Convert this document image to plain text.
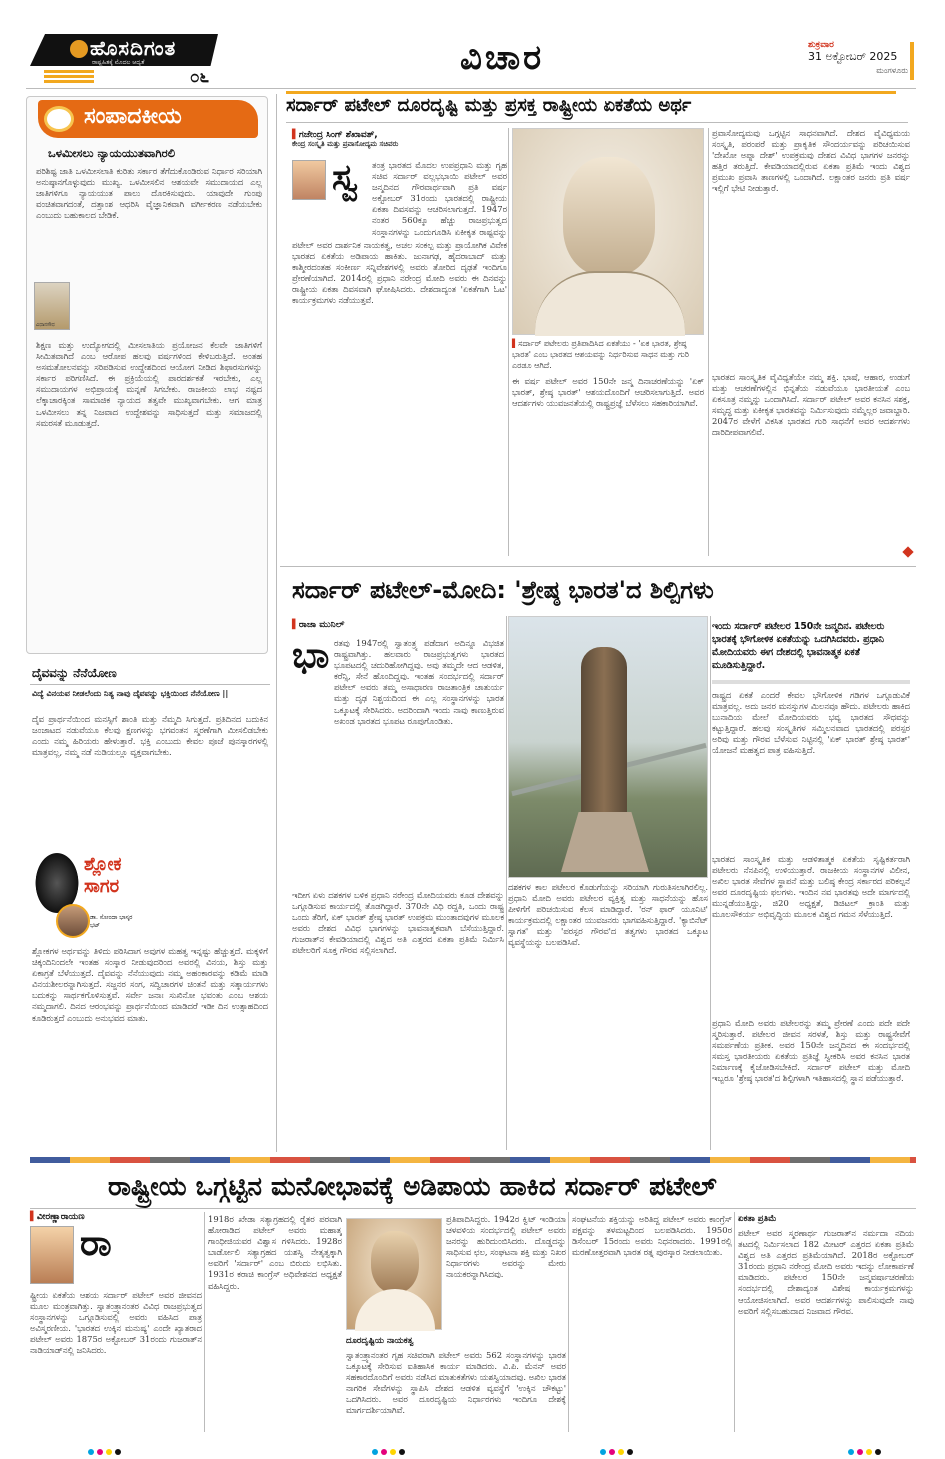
ಹೊಸದಿಗಂತ
ರಾಷ್ಟ್ರಹಿತಕ್ಕೆ ಮೊದಲ ಆದ್ಯತೆ
೦೬	ವಿಚಾರ	ಶುಕ್ರವಾರ
31 ಅಕ್ಟೋಬರ್ 2025
ಮಂಗಳೂರು
ಸಂಪಾದಕೀಯ
ಒಳಮೀಸಲು ನ್ಯಾಯಯುತವಾಗಿರಲಿ
ಪರಿಶಿಷ್ಟ ಜಾತಿ ಒಳಮೀಸಲಾತಿ ಕುರಿತು ಸರ್ಕಾರ ತೆಗೆದುಕೊಂಡಿರುವ ನಿರ್ಧಾರ ಸರಿಯಾಗಿ ಅನುಷ್ಠಾನಗೊಳ್ಳುವುದು ಮುಖ್ಯ. ಒಳಮೀಸಲಿನ ಆಶಯವೇ ಸಮುದಾಯದ ಎಲ್ಲ ಜಾತಿಗಳಿಗೂ ನ್ಯಾಯಯುತ ಪಾಲು ದೊರಕಿಸುವುದು. ಯಾವುದೇ ಗುಂಪು ವಂಚಿತವಾಗದಂತೆ, ದತ್ತಾಂಶ ಆಧರಿಸಿ ವೈಜ್ಞಾನಿಕವಾಗಿ ವರ್ಗೀಕರಣ ನಡೆಯಬೇಕು ಎಂಬುದು ಬಹುಕಾಲದ ಬೇಡಿಕೆ.
ವಿಧಾನಸೌಧ
ಶಿಕ್ಷಣ ಮತ್ತು ಉದ್ಯೋಗದಲ್ಲಿ ಮೀಸಲಾತಿಯ ಪ್ರಯೋಜನ ಕೆಲವೇ ಜಾತಿಗಳಿಗೆ ಸೀಮಿತವಾಗಿದೆ ಎಂಬ ಆರೋಪ ಹಲವು ವರ್ಷಗಳಿಂದ ಕೇಳಿಬರುತ್ತಿದೆ. ಅಂತಹ ಅಸಮತೋಲನವನ್ನು ಸರಿಪಡಿಸುವ ಉದ್ದೇಶದಿಂದ ಆಯೋಗ ನೀಡಿದ ಶಿಫಾರಸುಗಳನ್ನು ಸರ್ಕಾರ ಪರಿಗಣಿಸಿದೆ. ಈ ಪ್ರಕ್ರಿಯೆಯಲ್ಲಿ ಪಾರದರ್ಶಕತೆ ಇರಬೇಕು, ಎಲ್ಲ ಸಮುದಾಯಗಳ ಅಭಿಪ್ರಾಯಕ್ಕೆ ಮನ್ನಣೆ ಸಿಗಬೇಕು. ರಾಜಕೀಯ ಲಾಭ ನಷ್ಟದ ಲೆಕ್ಕಾಚಾರಕ್ಕಿಂತ ಸಾಮಾಜಿಕ ನ್ಯಾಯದ ತತ್ವವೇ ಮುಖ್ಯವಾಗಬೇಕು. ಆಗ ಮಾತ್ರ ಒಳಮೀಸಲು ತನ್ನ ನಿಜವಾದ ಉದ್ದೇಶವನ್ನು ಸಾಧಿಸುತ್ತದೆ ಮತ್ತು ಸಮಾಜದಲ್ಲಿ ಸಮರಸತೆ ಮೂಡುತ್ತದೆ.
ಸರ್ದಾರ್ ಪಟೇಲ್ ದೂರದೃಷ್ಟಿ ಮತ್ತು ಪ್ರಸಕ್ತ ರಾಷ್ಟ್ರೀಯ ಏಕತೆಯ ಅರ್ಥ
▌ಗಜೇಂದ್ರ ಸಿಂಗ್ ಶೆಖಾವತ್,
ಕೇಂದ್ರ ಸಂಸ್ಕೃತಿ ಮತ್ತು ಪ್ರವಾಸೋದ್ಯಮ ಸಚಿವರು
ಸ್ವ ತಂತ್ರ ಭಾರತದ ಮೊದಲ ಉಪಪ್ರಧಾನಿ ಮತ್ತು ಗೃಹ ಸಚಿವ ಸರ್ದಾರ್ ವಲ್ಲಭಭಾಯಿ ಪಟೇಲ್ ಅವರ ಜನ್ಮದಿನದ ಗೌರವಾರ್ಥವಾಗಿ ಪ್ರತಿ ವರ್ಷ ಅಕ್ಟೋಬರ್ 31ರಂದು ಭಾರತದಲ್ಲಿ ರಾಷ್ಟ್ರೀಯ ಏಕತಾ ದಿವಸವನ್ನು ಆಚರಿಸಲಾಗುತ್ತದೆ. 1947ರ ನಂತರ 560ಕ್ಕೂ ಹೆಚ್ಚು ರಾಜಪ್ರಭುತ್ವದ ಸಂಸ್ಥಾನಗಳನ್ನು ಒಂದುಗೂಡಿಸಿ ಏಕೀಕೃತ ರಾಷ್ಟ್ರವನ್ನು
ಪಟೇಲ್ ಅವರ ದಾರ್ಶನಿಕ ನಾಯಕತ್ವ, ಅಚಲ ಸಂಕಲ್ಪ ಮತ್ತು ಪ್ರಾಯೋಗಿಕ ವಿವೇಕ ಭಾರತದ ಏಕತೆಯ ಅಡಿಪಾಯ ಹಾಕಿತು. ಜುನಾಗಢ, ಹೈದರಾಬಾದ್ ಮತ್ತು ಕಾಶ್ಮೀರದಂತಹ ಸಂಕೀರ್ಣ ಸನ್ನಿವೇಶಗಳಲ್ಲಿ ಅವರು ತೋರಿದ ದೃಢತೆ ಇಂದಿಗೂ ಪ್ರೇರಣೆಯಾಗಿದೆ. 2014ರಲ್ಲಿ ಪ್ರಧಾನಿ ನರೇಂದ್ರ ಮೋದಿ ಅವರು ಈ ದಿನವನ್ನು ರಾಷ್ಟ್ರೀಯ ಏಕತಾ ದಿವಸವಾಗಿ ಘೋಷಿಸಿದರು. ದೇಶದಾದ್ಯಂತ 'ಏಕತೆಗಾಗಿ ಓಟ' ಕಾರ್ಯಕ್ರಮಗಳು ನಡೆಯುತ್ತವೆ.
▌ಸರ್ದಾರ್ ಪಟೇಲರು ಪ್ರತಿಪಾದಿಸಿದ ಏಕತೆಯು - 'ಏಕ ಭಾರತ, ಶ್ರೇಷ್ಠ ಭಾರತ' ಎಂಬ ಭಾರತದ ಆಶಯವನ್ನು ನಿರ್ಧರಿಸುವ ಸಾಧನ ಮತ್ತು ಗುರಿ ಎರಡೂ ಆಗಿದೆ.
ಈ ವರ್ಷ ಪಟೇಲ್ ಅವರ 150ನೇ ಜನ್ಮ ದಿನಾಚರಣೆಯನ್ನು 'ಏಕ್ ಭಾರತ್, ಶ್ರೇಷ್ಠ ಭಾರತ್' ಆಶಯದೊಂದಿಗೆ ಆಚರಿಸಲಾಗುತ್ತಿದೆ. ಅವರ ಆದರ್ಶಗಳು ಯುವಜನತೆಯಲ್ಲಿ ರಾಷ್ಟ್ರಪ್ರಜ್ಞೆ ಬೆಳೆಸಲು ಸಹಕಾರಿಯಾಗಿವೆ.
ಪ್ರವಾಸೋದ್ಯಮವು ಒಗ್ಗಟ್ಟಿನ ಸಾಧನವಾಗಿದೆ. ದೇಶದ ವೈವಿಧ್ಯಮಯ ಸಂಸ್ಕೃತಿ, ಪರಂಪರೆ ಮತ್ತು ಪ್ರಾಕೃತಿಕ ಸೌಂದರ್ಯವನ್ನು ಪರಿಚಯಿಸುವ 'ದೇಖೋ ಅಪ್ನಾ ದೇಶ್' ಉಪಕ್ರಮವು ದೇಶದ ವಿವಿಧ ಭಾಗಗಳ ಜನರನ್ನು ಹತ್ತಿರ ತರುತ್ತಿದೆ. ಕೇವಡಿಯಾದಲ್ಲಿರುವ ಏಕತಾ ಪ್ರತಿಮೆ ಇಂದು ವಿಶ್ವದ ಪ್ರಮುಖ ಪ್ರವಾಸಿ ತಾಣಗಳಲ್ಲಿ ಒಂದಾಗಿದೆ. ಲಕ್ಷಾಂತರ ಜನರು ಪ್ರತಿ ವರ್ಷ ಇಲ್ಲಿಗೆ ಭೇಟಿ ನೀಡುತ್ತಾರೆ.
ಭಾರತದ ಸಾಂಸ್ಕೃತಿಕ ವೈವಿಧ್ಯತೆಯೇ ನಮ್ಮ ಶಕ್ತಿ. ಭಾಷೆ, ಆಹಾರ, ಉಡುಗೆ ಮತ್ತು ಆಚರಣೆಗಳಲ್ಲಿನ ಭಿನ್ನತೆಯ ನಡುವೆಯೂ ಭಾರತೀಯತೆ ಎಂಬ ಏಕಸೂತ್ರ ನಮ್ಮನ್ನು ಒಂದಾಗಿಸಿದೆ. ಸರ್ದಾರ್ ಪಟೇಲ್ ಅವರ ಕನಸಿನ ಸಶಕ್ತ, ಸಮೃದ್ಧ ಮತ್ತು ಏಕೀಕೃತ ಭಾರತವನ್ನು ನಿರ್ಮಿಸುವುದು ನಮ್ಮೆಲ್ಲರ ಜವಾಬ್ದಾರಿ. 2047ರ ವೇಳೆಗೆ ವಿಕಸಿತ ಭಾರತದ ಗುರಿ ಸಾಧನೆಗೆ ಅವರ ಆದರ್ಶಗಳು ದಾರಿದೀಪವಾಗಲಿವೆ.
ಸರ್ದಾರ್ ಪಟೇಲ್-ಮೋದಿ: 'ಶ್ರೇಷ್ಠ ಭಾರತ'ದ ಶಿಲ್ಪಿಗಳು
▌ರಾಜಾ ಮುನಿಲ್
ಭಾ ರತವು 1947ರಲ್ಲಿ ಸ್ವಾತಂತ್ರ್ಯ ಪಡೆದಾಗ ಅದಿನ್ನೂ ವಿಭಜಿತ ರಾಷ್ಟ್ರವಾಗಿತ್ತು. ಹಲವಾರು ರಾಜಪ್ರಭುತ್ವಗಳು ಭಾರತದ ಭೂಪಟದಲ್ಲಿ ಚದುರಿಹೋಗಿದ್ದವು. ಅವು ತಮ್ಮದೇ ಆದ ಆಡಳಿತ, ಕರೆನ್ಸಿ, ಸೇನೆ ಹೊಂದಿದ್ದವು. ಇಂತಹ ಸಂದರ್ಭದಲ್ಲಿ ಸರ್ದಾರ್ ಪಟೇಲ್ ಅವರು ತಮ್ಮ ಅಸಾಧಾರಣ ರಾಜತಾಂತ್ರಿಕ ಚಾತುರ್ಯ ಮತ್ತು ದೃಢ ನಿಶ್ಚಯದಿಂದ ಈ ಎಲ್ಲ ಸಂಸ್ಥಾನಗಳನ್ನು ಭಾರತ ಒಕ್ಕೂಟಕ್ಕೆ ಸೇರಿಸಿದರು. ಅದರಿಂದಾಗಿ ಇಂದು ನಾವು ಕಾಣುತ್ತಿರುವ ಅಖಂಡ ಭಾರತದ ಭೂಪಟ ರೂಪುಗೊಂಡಿತು.
ಇದೀಗ ಏಳು ದಶಕಗಳ ಬಳಿಕ ಪ್ರಧಾನಿ ನರೇಂದ್ರ ಮೋದಿಯವರು ಕೂಡ ದೇಶವನ್ನು ಒಗ್ಗೂಡಿಸುವ ಕಾರ್ಯದಲ್ಲಿ ತೊಡಗಿದ್ದಾರೆ. 370ನೇ ವಿಧಿ ರದ್ದತಿ, ಒಂದು ರಾಷ್ಟ್ರ ಒಂದು ತೆರಿಗೆ, ಏಕ್ ಭಾರತ್ ಶ್ರೇಷ್ಠ ಭಾರತ್ ಉಪಕ್ರಮ ಮುಂತಾದವುಗಳ ಮೂಲಕ ಅವರು ದೇಶದ ವಿವಿಧ ಭಾಗಗಳನ್ನು ಭಾವನಾತ್ಮಕವಾಗಿ ಬೆಸೆಯುತ್ತಿದ್ದಾರೆ. ಗುಜರಾತ್‌ನ ಕೇವಡಿಯಾದಲ್ಲಿ ವಿಶ್ವದ ಅತಿ ಎತ್ತರದ ಏಕತಾ ಪ್ರತಿಮೆ ನಿರ್ಮಿಸಿ ಪಟೇಲರಿಗೆ ಸೂಕ್ತ ಗೌರವ ಸಲ್ಲಿಸಲಾಗಿದೆ.
ದಶಕಗಳ ಕಾಲ ಪಟೇಲರ ಕೊಡುಗೆಯನ್ನು ಸರಿಯಾಗಿ ಗುರುತಿಸಲಾಗಿರಲಿಲ್ಲ. ಪ್ರಧಾನಿ ಮೋದಿ ಅವರು ಪಟೇಲರ ವ್ಯಕ್ತಿತ್ವ ಮತ್ತು ಸಾಧನೆಯನ್ನು ಹೊಸ ಪೀಳಿಗೆಗೆ ಪರಿಚಯಿಸುವ ಕೆಲಸ ಮಾಡಿದ್ದಾರೆ. 'ರನ್ ಫಾರ್ ಯೂನಿಟಿ' ಕಾರ್ಯಕ್ರಮದಲ್ಲಿ ಲಕ್ಷಾಂತರ ಯುವಜನರು ಭಾಗವಹಿಸುತ್ತಿದ್ದಾರೆ. 'ಕ್ಯಾಬಿನೆಟ್ ಸ್ವಾಗತ' ಮತ್ತು 'ಪರಸ್ಪರ ಗೌರವ'ದ ತತ್ವಗಳು ಭಾರತದ ಒಕ್ಕೂಟ ವ್ಯವಸ್ಥೆಯನ್ನು ಬಲಪಡಿಸಿವೆ.
ಇಂದು ಸರ್ದಾರ್ ಪಟೇಲರ 150ನೇ ಜನ್ಮದಿನ. ಪಟೇಲರು ಭಾರತಕ್ಕೆ ಭೌಗೋಳಿಕ ಏಕತೆಯನ್ನು ಒದಗಿಸಿದವರು. ಪ್ರಧಾನಿ ಮೋದಿಯವರು ಈಗ ದೇಶದಲ್ಲಿ ಭಾವನಾತ್ಮಕ ಏಕತೆ ಮೂಡಿಸುತ್ತಿದ್ದಾರೆ.
ರಾಷ್ಟ್ರದ ಏಕತೆ ಎಂದರೆ ಕೇವಲ ಭೌಗೋಳಿಕ ಗಡಿಗಳ ಒಗ್ಗೂಡುವಿಕೆ ಮಾತ್ರವಲ್ಲ. ಅದು ಜನರ ಮನಸ್ಸುಗಳ ಮಿಲನವೂ ಹೌದು. ಪಟೇಲರು ಹಾಕಿದ ಬುನಾದಿಯ ಮೇಲೆ ಮೋದಿಯವರು ಭವ್ಯ ಭಾರತದ ಸೌಧವನ್ನು ಕಟ್ಟುತ್ತಿದ್ದಾರೆ. ಹಲವು ಸಂಸ್ಕೃತಿಗಳ ಸಮ್ಮಿಲನವಾದ ಭಾರತದಲ್ಲಿ ಪರಸ್ಪರ ಅರಿವು ಮತ್ತು ಗೌರವ ಬೆಳೆಸುವ ನಿಟ್ಟಿನಲ್ಲಿ 'ಏಕ್ ಭಾರತ್ ಶ್ರೇಷ್ಠ ಭಾರತ್' ಯೋಜನೆ ಮಹತ್ವದ ಪಾತ್ರ ವಹಿಸುತ್ತಿದೆ.
ಭಾರತದ ಸಾಂಸ್ಕೃತಿಕ ಮತ್ತು ಆಡಳಿತಾತ್ಮಕ ಏಕತೆಯ ಸೃಷ್ಟಿಕರ್ತರಾಗಿ ಪಟೇಲರು ನೆನಪಿನಲ್ಲಿ ಉಳಿಯುತ್ತಾರೆ. ರಾಜಕೀಯ ಸಂಸ್ಥಾನಗಳ ವಿಲೀನ, ಅಖಿಲ ಭಾರತ ಸೇವೆಗಳ ಸ್ಥಾಪನೆ ಮತ್ತು ಬಲಿಷ್ಠ ಕೇಂದ್ರ ಸರ್ಕಾರದ ಪರಿಕಲ್ಪನೆ ಅವರ ದೂರದೃಷ್ಟಿಯ ಫಲಗಳು. ಇಂದಿನ ನವ ಭಾರತವು ಅದೇ ಮಾರ್ಗದಲ್ಲಿ ಮುನ್ನಡೆಯುತ್ತಿದ್ದು, ಜಿ20 ಅಧ್ಯಕ್ಷತೆ, ಡಿಜಿಟಲ್ ಕ್ರಾಂತಿ ಮತ್ತು ಮೂಲಸೌಕರ್ಯ ಅಭಿವೃದ್ಧಿಯ ಮೂಲಕ ವಿಶ್ವದ ಗಮನ ಸೆಳೆಯುತ್ತಿದೆ.
ಪ್ರಧಾನಿ ಮೋದಿ ಅವರು ಪಟೇಲರನ್ನು ತಮ್ಮ ಪ್ರೇರಣೆ ಎಂದು ಪದೇ ಪದೇ ಸ್ಮರಿಸುತ್ತಾರೆ. ಪಟೇಲರ ಜೀವನ ಸರಳತೆ, ಶಿಸ್ತು ಮತ್ತು ರಾಷ್ಟ್ರಸೇವೆಗೆ ಸಮರ್ಪಣೆಯ ಪ್ರತೀಕ. ಅವರ 150ನೇ ಜನ್ಮದಿನದ ಈ ಸಂದರ್ಭದಲ್ಲಿ ಸಮಸ್ತ ಭಾರತೀಯರು ಏಕತೆಯ ಪ್ರತಿಜ್ಞೆ ಸ್ವೀಕರಿಸಿ ಅವರ ಕನಸಿನ ಭಾರತ ನಿರ್ಮಾಣಕ್ಕೆ ಕೈಜೋಡಿಸಬೇಕಿದೆ. ಸರ್ದಾರ್ ಪಟೇಲ್ ಮತ್ತು ಮೋದಿ ಇಬ್ಬರೂ 'ಶ್ರೇಷ್ಠ ಭಾರತ'ದ ಶಿಲ್ಪಿಗಳಾಗಿ ಇತಿಹಾಸದಲ್ಲಿ ಸ್ಥಾನ ಪಡೆಯುತ್ತಾರೆ.
ದೈವವನ್ನು ನೆನೆಯೋಣ
ವಿದ್ಯೆ ವಿನಯವ ನೀಡಲೆಂದು ನಿತ್ಯ ನಾವು ದೈವವನ್ನು ಭಕ್ತಿಯಿಂದ ನೆನೆಯೋಣ ||
ದೈವ ಪ್ರಾರ್ಥನೆಯಿಂದ ಮನಸ್ಸಿಗೆ ಶಾಂತಿ ಮತ್ತು ನೆಮ್ಮದಿ ಸಿಗುತ್ತದೆ. ಪ್ರತಿದಿನದ ಬದುಕಿನ ಜಂಜಾಟದ ನಡುವೆಯೂ ಕೆಲವು ಕ್ಷಣಗಳನ್ನು ಭಗವಂತನ ಸ್ಮರಣೆಗಾಗಿ ಮೀಸಲಿಡಬೇಕು ಎಂದು ನಮ್ಮ ಹಿರಿಯರು ಹೇಳುತ್ತಾರೆ. ಭಕ್ತಿ ಎಂಬುದು ಕೇವಲ ಪೂಜೆ ಪುನಸ್ಕಾರಗಳಲ್ಲಿ ಮಾತ್ರವಲ್ಲ, ನಮ್ಮ ನಡೆ ನುಡಿಯಲ್ಲೂ ವ್ಯಕ್ತವಾಗಬೇಕು.
ಶ್ಲೋಕ ಸಾಗರ
ಡಾ. ಸೋಂದಾ ಭಾಸ್ಕರ ಭಟ್
ಶ್ಲೋಕಗಳ ಅರ್ಥವನ್ನು ತಿಳಿದು ಪಠಿಸಿದಾಗ ಅವುಗಳ ಮಹತ್ವ ಇನ್ನಷ್ಟು ಹೆಚ್ಚುತ್ತದೆ. ಮಕ್ಕಳಿಗೆ ಚಿಕ್ಕಂದಿನಿಂದಲೇ ಇಂತಹ ಸಂಸ್ಕಾರ ನೀಡುವುದರಿಂದ ಅವರಲ್ಲಿ ವಿನಯ, ಶಿಸ್ತು ಮತ್ತು ಏಕಾಗ್ರತೆ ಬೆಳೆಯುತ್ತದೆ. ದೈವವನ್ನು ನೆನೆಯುವುದು ನಮ್ಮ ಅಹಂಕಾರವನ್ನು ಕಡಿಮೆ ಮಾಡಿ ವಿನಯಶೀಲರನ್ನಾಗಿಸುತ್ತದೆ. ಸಜ್ಜನರ ಸಂಗ, ಸದ್ವಿಚಾರಗಳ ಚಿಂತನೆ ಮತ್ತು ಸತ್ಕಾರ್ಯಗಳು ಬದುಕನ್ನು ಸಾರ್ಥಕಗೊಳಿಸುತ್ತವೆ. ಸರ್ವೇ ಜನಾಃ ಸುಖಿನೋ ಭವಂತು ಎಂಬ ಆಶಯ ನಮ್ಮದಾಗಲಿ. ದಿನದ ಆರಂಭವನ್ನು ಪ್ರಾರ್ಥನೆಯಿಂದ ಮಾಡಿದರೆ ಇಡೀ ದಿನ ಉತ್ಸಾಹದಿಂದ ಕೂಡಿರುತ್ತದೆ ಎಂಬುದು ಅನುಭವದ ಮಾತು.
ರಾಷ್ಟ್ರೀಯ ಒಗ್ಗಟ್ಟಿನ ಮನೋಭಾವಕ್ಕೆ ಅಡಿಪಾಯ ಹಾಕಿದ ಸರ್ದಾರ್ ಪಟೇಲ್
▌ವೀರಣ್ಣಾರಾಯಣ
ರಾ
ಷ್ಟ್ರೀಯ ಏಕತೆಯ ಆಶಯ ಸರ್ದಾರ್ ಪಟೇಲ್ ಅವರ ಜೀವನದ ಮೂಲ ಮಂತ್ರವಾಗಿತ್ತು. ಸ್ವಾತಂತ್ರ್ಯಾನಂತರ ವಿವಿಧ ರಾಜಪ್ರಭುತ್ವದ ಸಂಸ್ಥಾನಗಳನ್ನು ಒಗ್ಗೂಡಿಸುವಲ್ಲಿ ಅವರು ವಹಿಸಿದ ಪಾತ್ರ ಅವಿಸ್ಮರಣೀಯ. 'ಭಾರತದ ಉಕ್ಕಿನ ಮನುಷ್ಯ' ಎಂದೇ ಖ್ಯಾತರಾದ ಪಟೇಲ್ ಅವರು 1875ರ ಅಕ್ಟೋಬರ್ 31ರಂದು ಗುಜರಾತ್‌ನ ನಾಡಿಯಾಡ್‌ನಲ್ಲಿ ಜನಿಸಿದರು.
1918ರ ಖೇಡಾ ಸತ್ಯಾಗ್ರಹದಲ್ಲಿ ರೈತರ ಪರವಾಗಿ ಹೋರಾಡಿದ ಪಟೇಲ್ ಅವರು ಮಹಾತ್ಮ ಗಾಂಧೀಜಿಯವರ ವಿಶ್ವಾಸ ಗಳಿಸಿದರು. 1928ರ ಬಾರ್ಡೋಲಿ ಸತ್ಯಾಗ್ರಹದ ಯಶಸ್ವಿ ನೇತೃತ್ವಕ್ಕಾಗಿ ಅವರಿಗೆ 'ಸರ್ದಾರ್' ಎಂಬ ಬಿರುದು ಲಭಿಸಿತು. 1931ರ ಕರಾಚಿ ಕಾಂಗ್ರೆಸ್ ಅಧಿವೇಶನದ ಅಧ್ಯಕ್ಷತೆ ವಹಿಸಿದ್ದರು.
ಪ್ರತಿಪಾದಿಸಿದ್ದರು. 1942ರ ಕ್ವಿಟ್ ಇಂಡಿಯಾ ಚಳವಳಿಯ ಸಂದರ್ಭದಲ್ಲಿ ಪಟೇಲ್ ಅವರು ಜನರನ್ನು ಹುರಿದುಂಬಿಸಿದರು. ದೊಡ್ಡದನ್ನು ಸಾಧಿಸುವ ಛಲ, ಸಂಘಟನಾ ಶಕ್ತಿ ಮತ್ತು ನಿಖರ ನಿರ್ಧಾರಗಳು ಅವರನ್ನು ಮೇರು ನಾಯಕರನ್ನಾಗಿಸಿದವು.
ದೂರದೃಷ್ಟಿಯ ನಾಯಕತ್ವ
ಸ್ವಾತಂತ್ರ್ಯಾನಂತರ ಗೃಹ ಸಚಿವರಾಗಿ ಪಟೇಲ್ ಅವರು 562 ಸಂಸ್ಥಾನಗಳನ್ನು ಭಾರತ ಒಕ್ಕೂಟಕ್ಕೆ ಸೇರಿಸುವ ಐತಿಹಾಸಿಕ ಕಾರ್ಯ ಮಾಡಿದರು. ವಿ.ಪಿ. ಮೆನನ್ ಅವರ ಸಹಕಾರದೊಂದಿಗೆ ಅವರು ನಡೆಸಿದ ಮಾತುಕತೆಗಳು ಯಶಸ್ವಿಯಾದವು. ಅಖಿಲ ಭಾರತ ನಾಗರಿಕ ಸೇವೆಗಳನ್ನು ಸ್ಥಾಪಿಸಿ ದೇಶದ ಆಡಳಿತ ವ್ಯವಸ್ಥೆಗೆ 'ಉಕ್ಕಿನ ಚೌಕಟ್ಟು' ಒದಗಿಸಿದರು. ಅವರ ದೂರದೃಷ್ಟಿಯ ನಿರ್ಧಾರಗಳು ಇಂದಿಗೂ ದೇಶಕ್ಕೆ ಮಾರ್ಗದರ್ಶಿಯಾಗಿವೆ.
ಸಂಘಟನೆಯ ಶಕ್ತಿಯನ್ನು ಅರಿತಿದ್ದ ಪಟೇಲ್ ಅವರು ಕಾಂಗ್ರೆಸ್ ಪಕ್ಷವನ್ನು ತಳಮಟ್ಟದಿಂದ ಬಲಪಡಿಸಿದರು. 1950ರ ಡಿಸೆಂಬರ್ 15ರಂದು ಅವರು ನಿಧನರಾದರು. 1991ರಲ್ಲಿ ಮರಣೋತ್ತರವಾಗಿ ಭಾರತ ರತ್ನ ಪುರಸ್ಕಾರ ನೀಡಲಾಯಿತು.
ಏಕತಾ ಪ್ರತಿಮೆ
ಪಟೇಲ್ ಅವರ ಸ್ಮರಣಾರ್ಥ ಗುಜರಾತ್‌ನ ನರ್ಮದಾ ನದಿಯ ತಟದಲ್ಲಿ ನಿರ್ಮಿಸಲಾದ 182 ಮೀಟರ್ ಎತ್ತರದ ಏಕತಾ ಪ್ರತಿಮೆ ವಿಶ್ವದ ಅತಿ ಎತ್ತರದ ಪ್ರತಿಮೆಯಾಗಿದೆ. 2018ರ ಅಕ್ಟೋಬರ್ 31ರಂದು ಪ್ರಧಾನಿ ನರೇಂದ್ರ ಮೋದಿ ಅವರು ಇದನ್ನು ಲೋಕಾರ್ಪಣೆ ಮಾಡಿದರು. ಪಟೇಲರ 150ನೇ ಜನ್ಮವರ್ಷಾಚರಣೆಯ ಸಂದರ್ಭದಲ್ಲಿ ದೇಶಾದ್ಯಂತ ವಿಶೇಷ ಕಾರ್ಯಕ್ರಮಗಳನ್ನು ಆಯೋಜಿಸಲಾಗಿದೆ. ಅವರ ಆದರ್ಶಗಳನ್ನು ಪಾಲಿಸುವುದೇ ನಾವು ಅವರಿಗೆ ಸಲ್ಲಿಸಬಹುದಾದ ನಿಜವಾದ ಗೌರವ.
